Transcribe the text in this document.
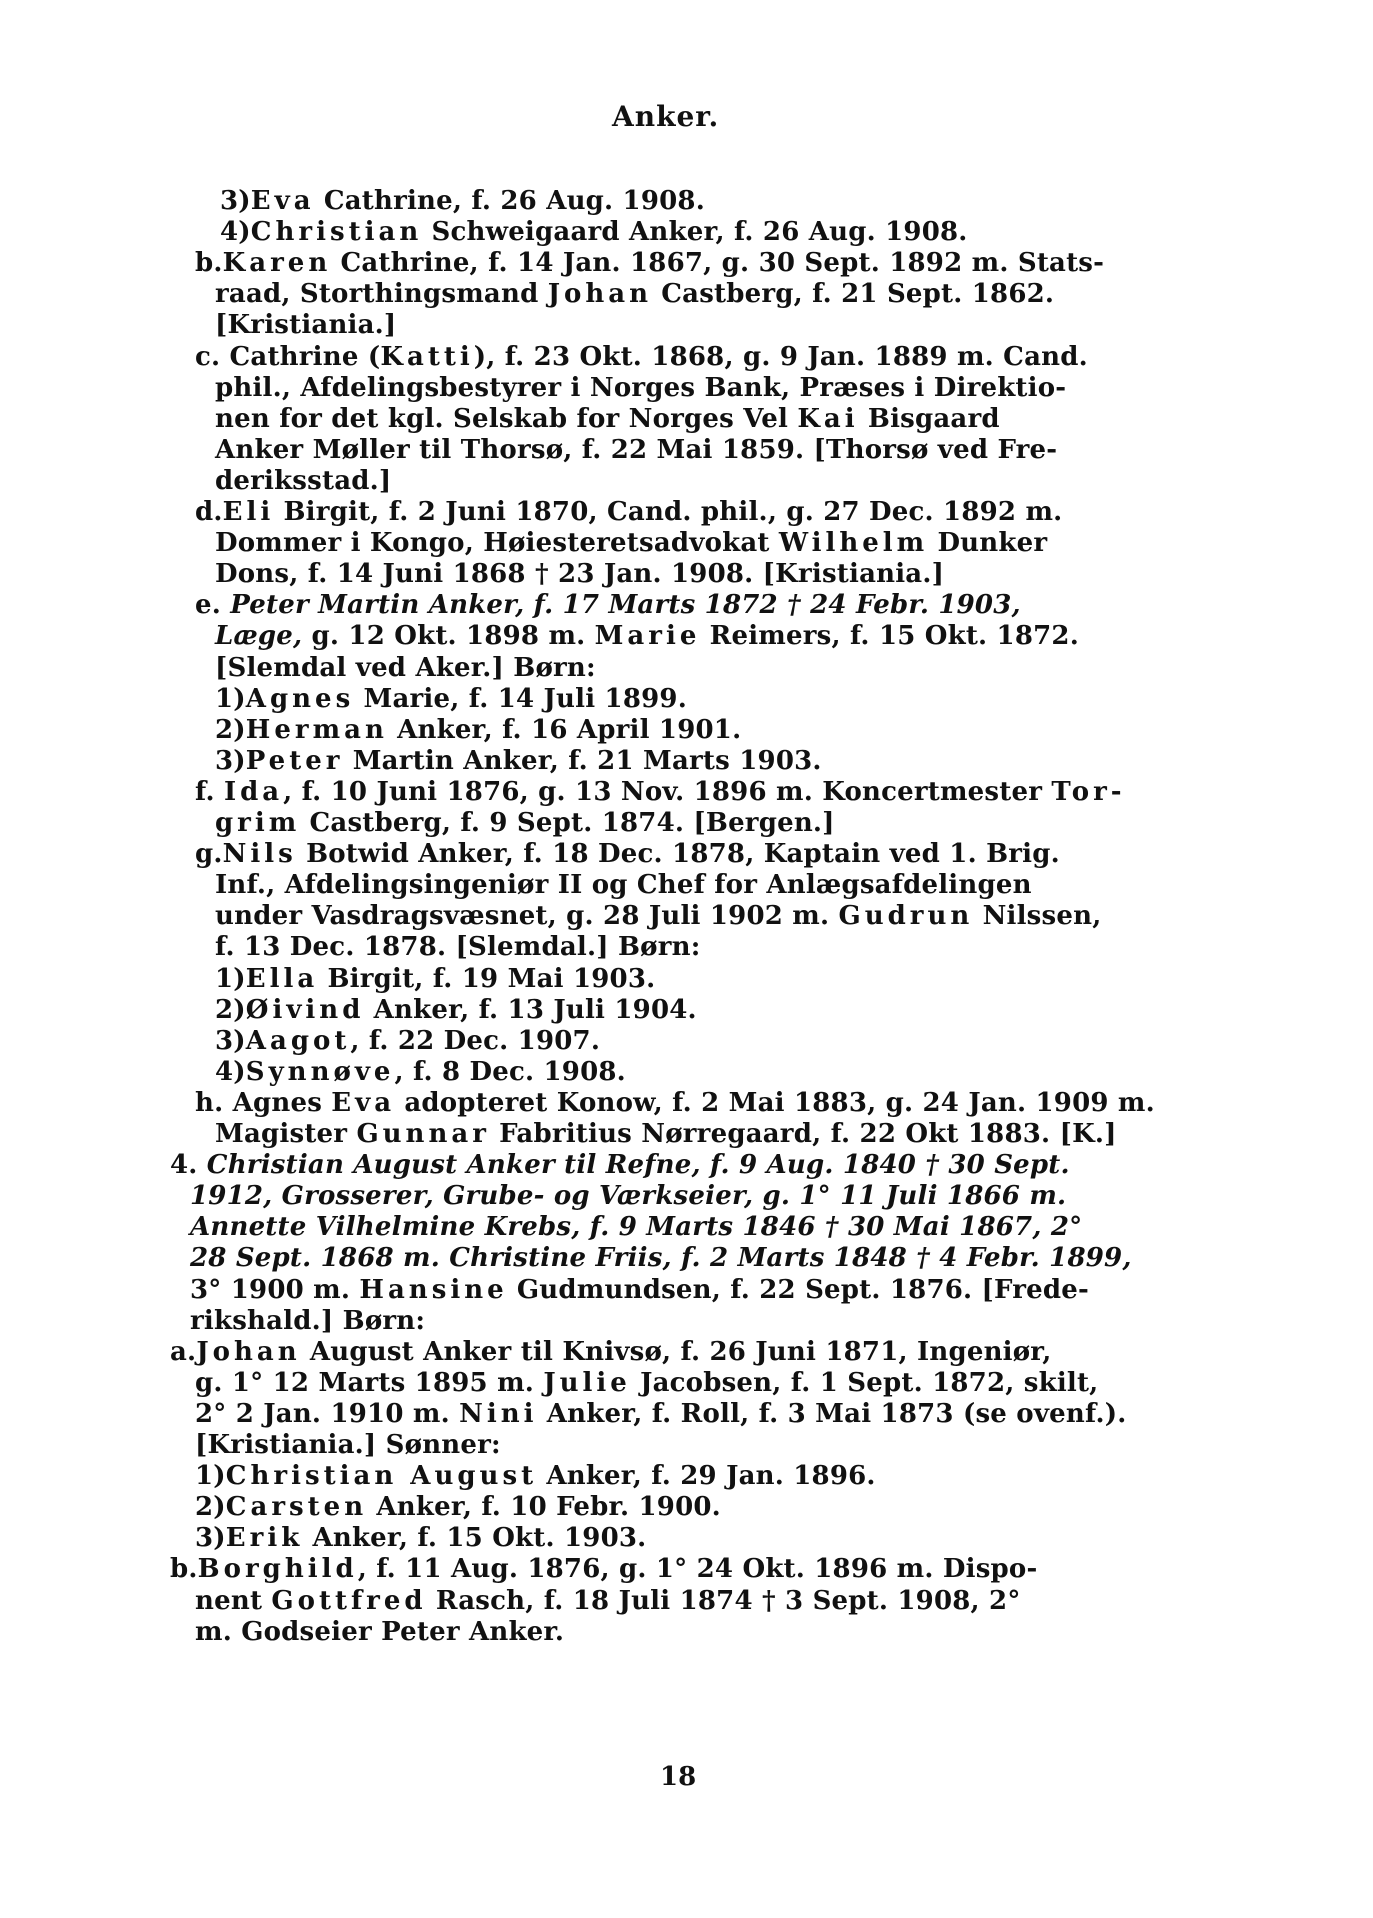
Anker.
3)Eva Cathrine, f. 26 Aug. 1908.
4)Christian Schweigaard Anker, f. 26 Aug. 1908.
b.Karen Cathrine, f. 14 Jan. 1867, g. 30 Sept. 1892 m. Stats-
raad, Storthingsmand Johan Castberg, f. 21 Sept. 1862.
[Kristiania.]
c. Cathrine (Katti), f. 23 Okt. 1868, g. 9 Jan. 1889 m. Cand.
phil., Afdelingsbestyrer i Norges Bank, Præses i Direktio-
nen for det kgl. Selskab for Norges Vel Kai Bisgaard
Anker Møller til Thorsø, f. 22 Mai 1859. [Thorsø ved Fre-
deriksstad.]
d.Eli Birgit, f. 2 Juni 1870, Cand. phil., g. 27 Dec. 1892 m.
Dommer i Kongo, Høiesteretsadvokat Wilhelm Dunker
Dons, f. 14 Juni 1868 † 23 Jan. 1908. [Kristiania.]
e. Peter Martin Anker, f. 17 Marts 1872 † 24 Febr. 1903,
Læge, g. 12 Okt. 1898 m. Marie Reimers, f. 15 Okt. 1872.
[Slemdal ved Aker.] Børn:
1)Agnes Marie, f. 14 Juli 1899.
2)Herman Anker, f. 16 April 1901.
3)Peter Martin Anker, f. 21 Marts 1903.
f. Ida, f. 10 Juni 1876, g. 13 Nov. 1896 m. Koncertmester Tor-
grim Castberg, f. 9 Sept. 1874. [Bergen.]
g.Nils Botwid Anker, f. 18 Dec. 1878, Kaptain ved 1. Brig.
Inf., Afdelingsingeniør II og Chef for Anlægsafdelingen
under Vasdragsvæsnet, g. 28 Juli 1902 m. Gudrun Nilssen,
f. 13 Dec. 1878. [Slemdal.] Børn:
1)Ella Birgit, f. 19 Mai 1903.
2)Øivind Anker, f. 13 Juli 1904.
3)Aagot, f. 22 Dec. 1907.
4)Synnøve, f. 8 Dec. 1908.
h. Agnes Eva adopteret Konow, f. 2 Mai 1883, g. 24 Jan. 1909 m.
Magister Gunnar Fabritius Nørregaard, f. 22 Okt 1883. [K.]
4. Christian August Anker til Refne, f. 9 Aug. 1840 † 30 Sept.
1912, Grosserer, Grube- og Værkseier, g. 1° 11 Juli 1866 m.
Annette Vilhelmine Krebs, f. 9 Marts 1846 † 30 Mai 1867, 2°
28 Sept. 1868 m. Christine Friis, f. 2 Marts 1848 † 4 Febr. 1899,
3° 1900 m. Hansine Gudmundsen, f. 22 Sept. 1876. [Frede-
rikshald.] Børn:
a.Johan August Anker til Knivsø, f. 26 Juni 1871, Ingeniør,
g. 1° 12 Marts 1895 m. Julie Jacobsen, f. 1 Sept. 1872, skilt,
2° 2 Jan. 1910 m. Nini Anker, f. Roll, f. 3 Mai 1873 (se ovenf.).
[Kristiania.] Sønner:
1)Christian August Anker, f. 29 Jan. 1896.
2)Carsten Anker, f. 10 Febr. 1900.
3)Erik Anker, f. 15 Okt. 1903.
b.Borghild, f. 11 Aug. 1876, g. 1° 24 Okt. 1896 m. Dispo-
nent Gottfred Rasch, f. 18 Juli 1874 † 3 Sept. 1908, 2°
m. Godseier Peter Anker.
18
